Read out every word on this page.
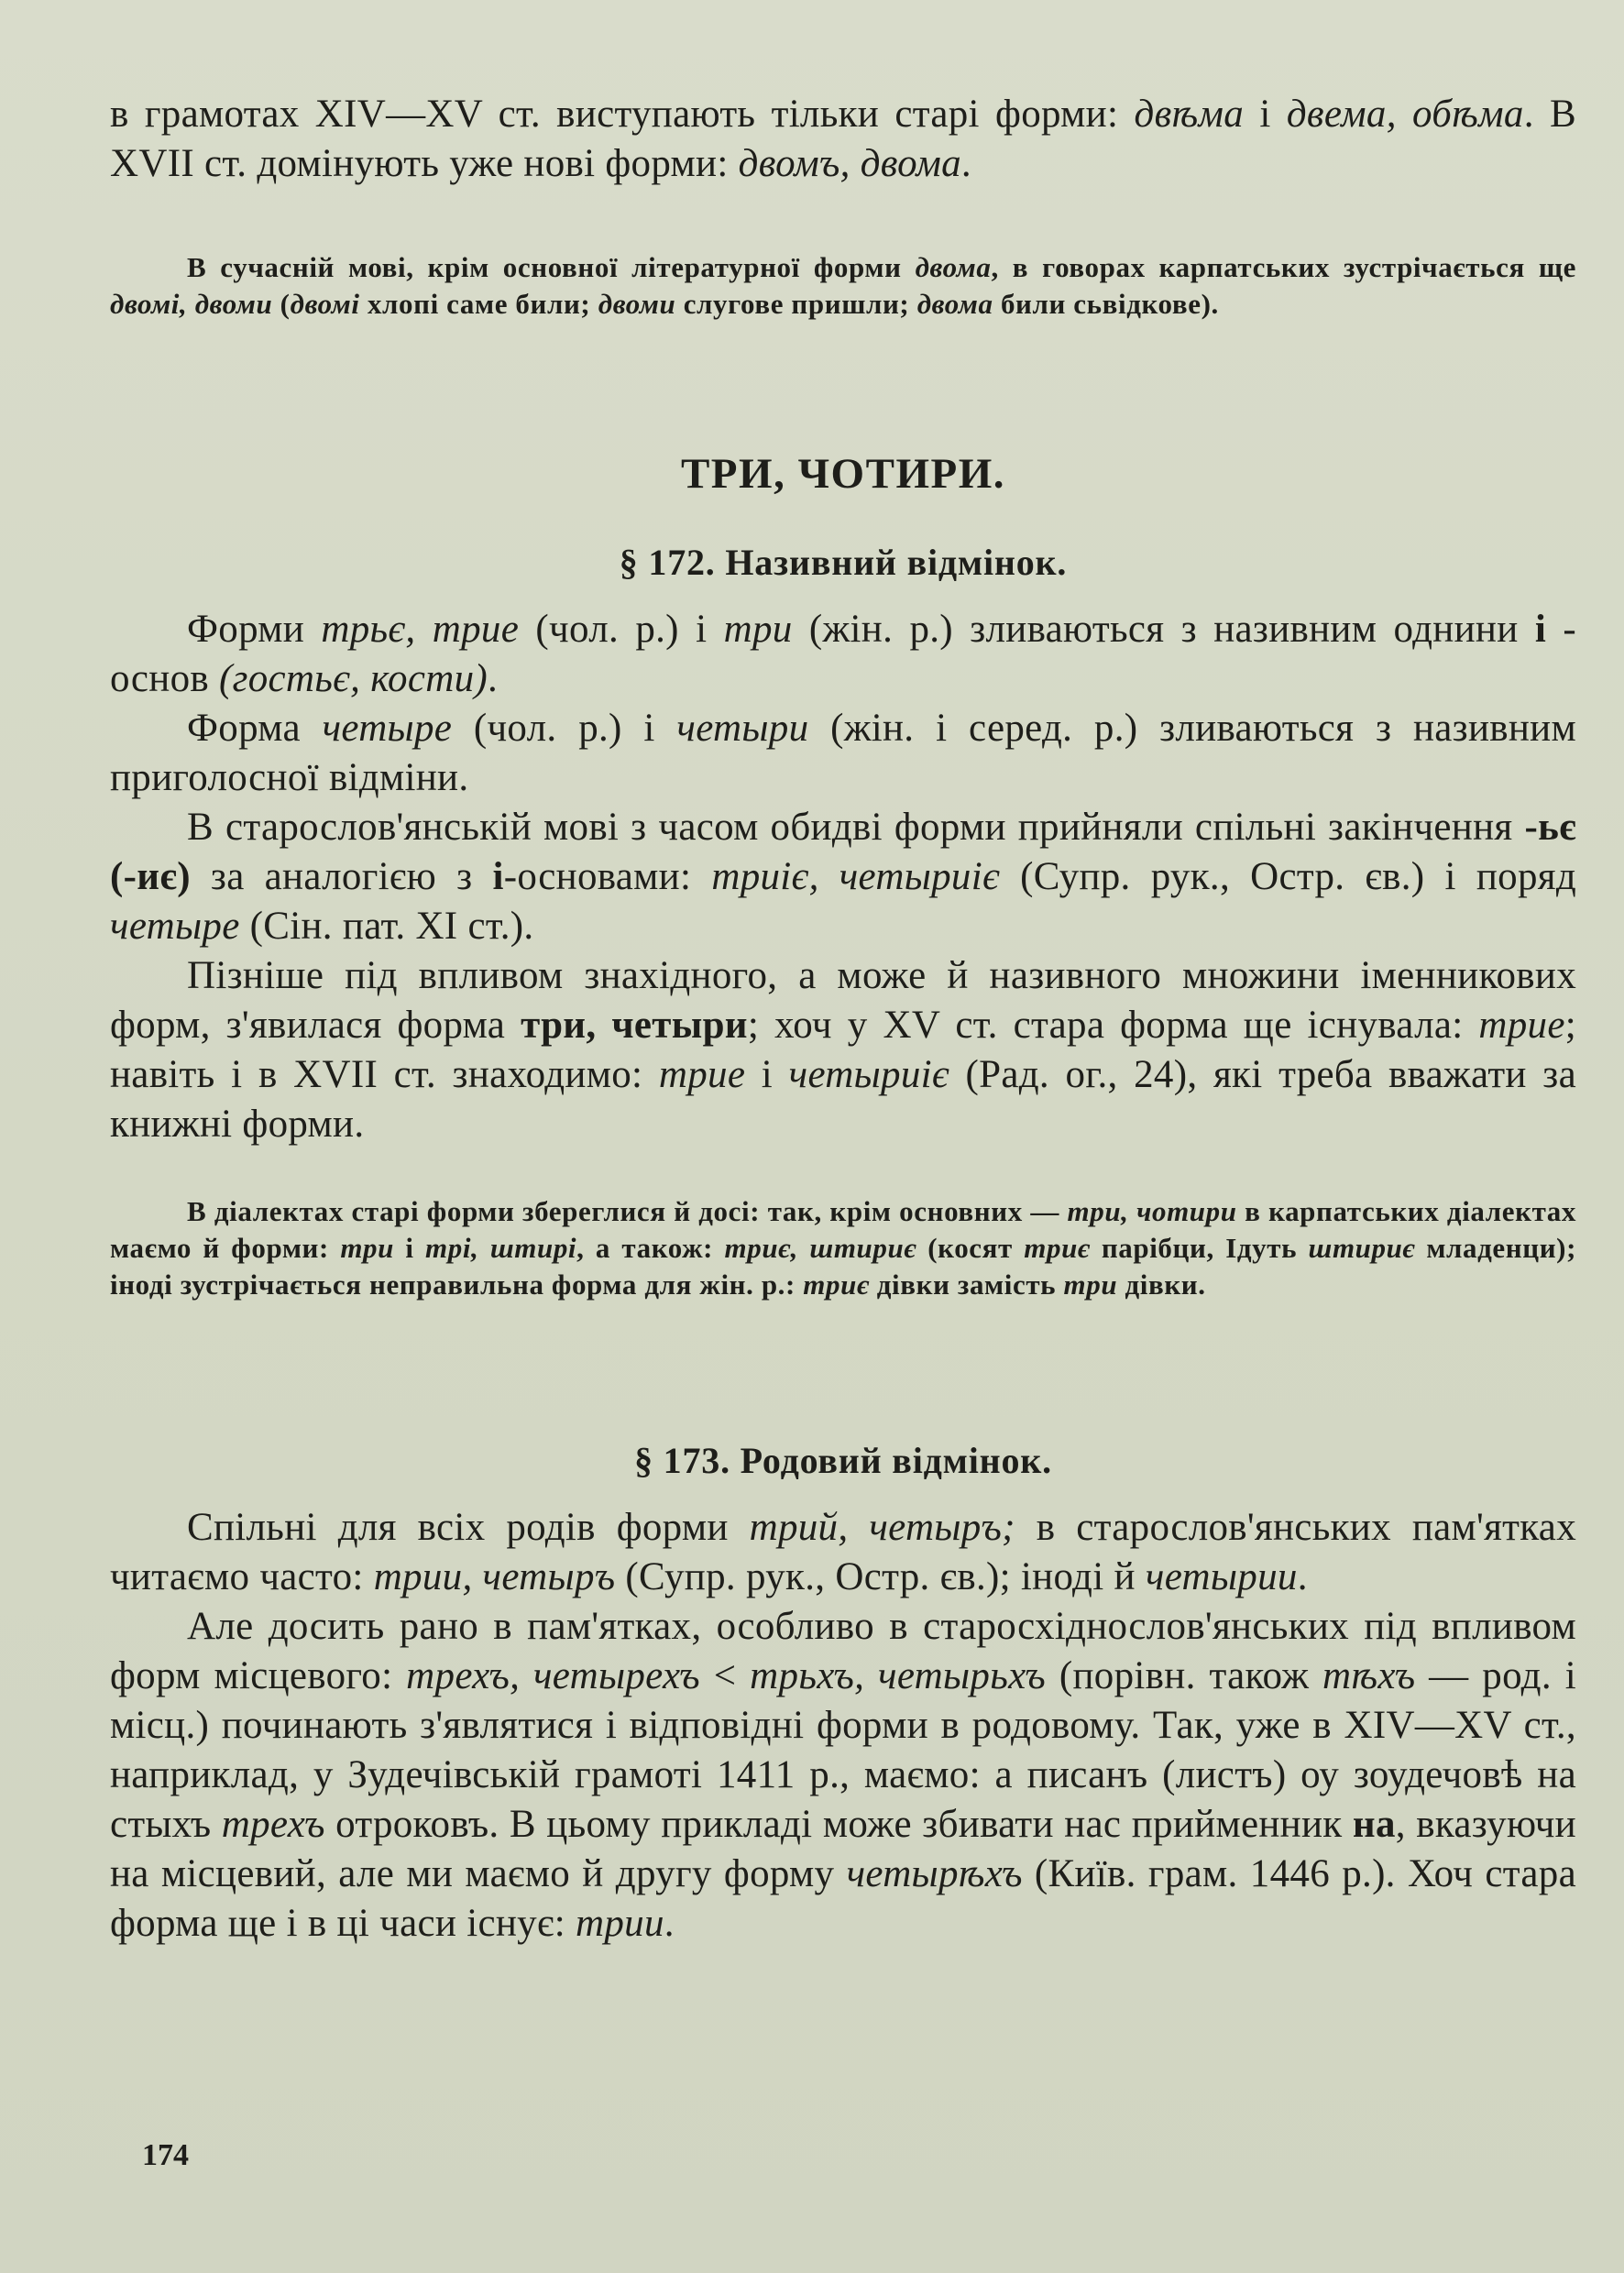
в грамотах XIV—XV ст. виступають тільки старі форми: двѣма і двема, обѣма. В XVII ст. домінують уже нові форми: двомъ, двома.

В сучасній мові, крім основної літературної форми двома, в говорах карпатських зустрічається ще двомі, двоми (двомі хлопі саме били; двоми слугове пришли; двома били сьвідкове).

ТРИ, ЧОТИРИ.
§ 172. Називний відмінок.

Форми трьє, трие (чол. р.) і три (жін. р.) зливаються з називним однини і - основ (гостьє, кости).

Форма четыре (чол. р.) і четыри (жін. і серед. р.) зливаються з називним приголосної відміни.

В старослов'янській мові з часом обидві форми прийняли спільні закінчення -ьє (-иє) за аналогією з і-основами: триіє, четыриіє (Супр. рук., Остр. єв.) і поряд четыре (Сін. пат. XI ст.).

Пізніше під впливом знахідного, а може й називного множини іменникових форм, з'явилася форма три, четыри; хоч у XV ст. стара форма ще існувала: трие; навіть і в XVII ст. знаходимо: трие і четыриіє (Рад. ог., 24), які треба вважати за книжні форми.

В діалектах старі форми збереглися й досі: так, крім основних — три, чотири в карпатських діалектах маємо й форми: три і трі, штирі, а також: триє, штириє (косят триє парібци, Ідуть штириє младенци); іноді зустрічається неправильна форма для жін. р.: триє дівки замість три дівки.

§ 173. Родовий відмінок.

Спільні для всіх родів форми трий, четыръ; в старослов'янських пам'ятках читаємо часто: трии, четыръ (Супр. рук., Остр. єв.); іноді й четырии.

Але досить рано в пам'ятках, особливо в старосхіднослов'янських під впливом форм місцевого: трехъ, четырехъ < трьхъ, четырьхъ (порівн. також тѣхъ — род. і місц.) починають з'являтися і відповідні форми в родовому. Так, уже в XIV—XV ст., наприклад, у Зудечівській грамоті 1411 р., маємо: а писанъ (листъ) оу зоудечовѣ на стыхъ трехъ отроковъ. В цьому прикладі може збивати нас прийменник на, вказуючи на місцевий, але ми маємо й другу форму четырѣхъ (Київ. грам. 1446 р.). Хоч стара форма ще і в ці часи існує: трии.

174
